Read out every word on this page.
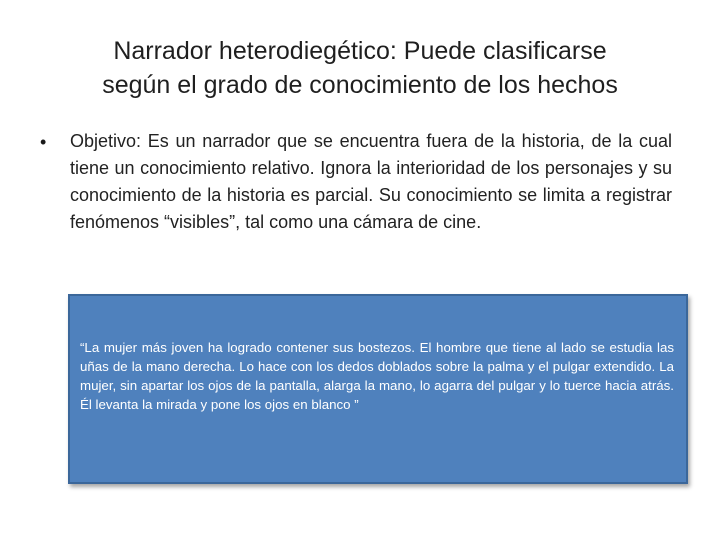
Narrador heterodiegético: Puede clasificarse
según el grado de conocimiento de los hechos
• Objetivo: Es un narrador que se encuentra fuera de la historia, de la cual tiene un conocimiento relativo. Ignora la interioridad de los personajes y su conocimiento de la historia es parcial. Su conocimiento se limita a registrar fenómenos “visibles”, tal como una cámara de cine.
“La mujer más joven ha logrado contener sus bostezos. El hombre que tiene al lado se estudia las uñas de la mano derecha. Lo hace con los dedos doblados sobre la palma y el pulgar extendido. La mujer, sin apartar los ojos de la pantalla, alarga la mano, lo agarra del pulgar y lo tuerce hacia atrás. Él levanta la mirada y pone los ojos en blanco ”
